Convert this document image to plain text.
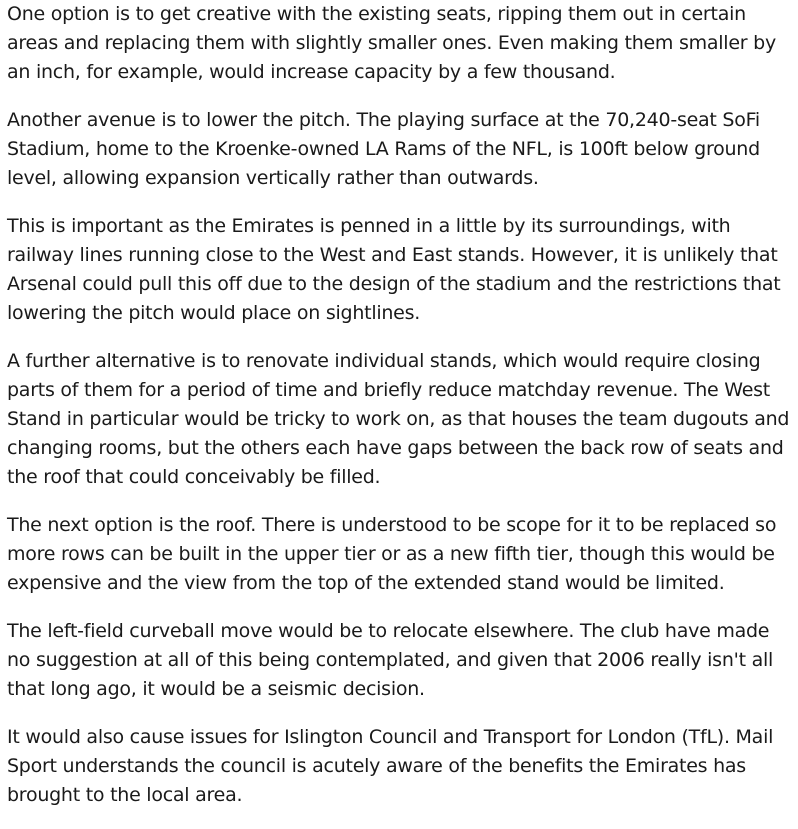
One option is to get creative with the existing seats, ripping them out in certain areas and replacing them with slightly smaller ones. Even making them smaller by an inch, for example, would increase capacity by a few thousand.

Another avenue is to lower the pitch. The playing surface at the 70,240-seat SoFi Stadium, home to the Kroenke-owned LA Rams of the NFL, is 100ft below ground level, allowing expansion vertically rather than outwards.

This is important as the Emirates is penned in a little by its surroundings, with railway lines running close to the West and East stands. However, it is unlikely that Arsenal could pull this off due to the design of the stadium and the restrictions that lowering the pitch would place on sightlines.

A further alternative is to renovate individual stands, which would require closing parts of them for a period of time and briefly reduce matchday revenue. The West Stand in particular would be tricky to work on, as that houses the team dugouts and changing rooms, but the others each have gaps between the back row of seats and the roof that could conceivably be filled.

The next option is the roof. There is understood to be scope for it to be replaced so more rows can be built in the upper tier or as a new fifth tier, though this would be expensive and the view from the top of the extended stand would be limited.

The left-field curveball move would be to relocate elsewhere. The club have made no suggestion at all of this being contemplated, and given that 2006 really isn't all that long ago, it would be a seismic decision.

It would also cause issues for Islington Council and Transport for London (TfL). Mail Sport understands the council is acutely aware of the benefits the Emirates has brought to the local area.
